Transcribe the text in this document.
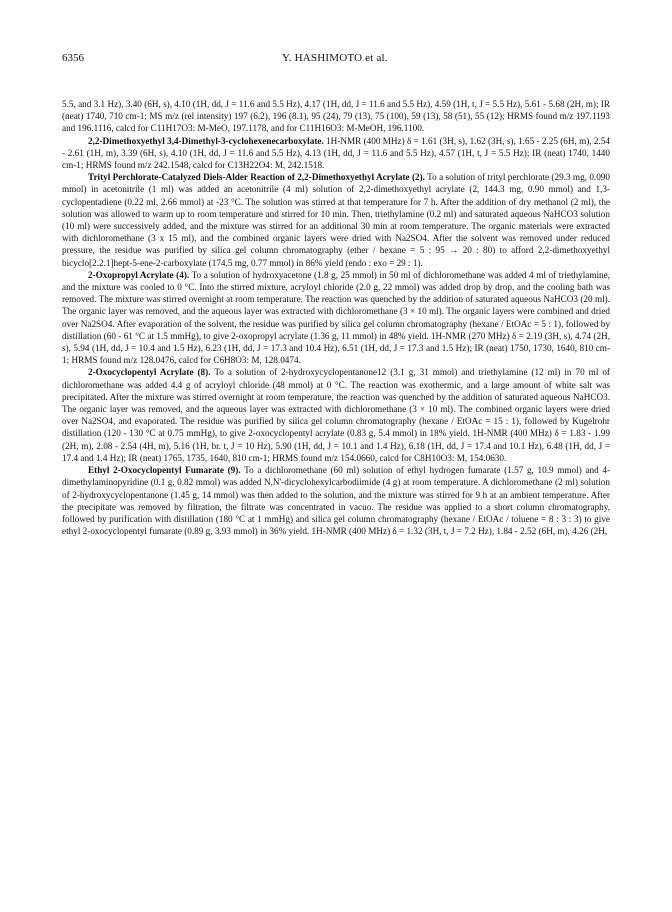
6356	Y. HASHIMOTO et al.

5.5, and 3.1 Hz), 3.40 (6H, s), 4.10 (1H, dd, J = 11.6 and 5.5 Hz), 4.17 (1H, dd, J = 11.6 and 5.5 Hz), 4.59 (1H, t, J = 5.5 Hz), 5.61 - 5.68 (2H, m); IR (neat) 1740, 710 cm-1; MS m/z (rel intensity) 197 (6.2), 196 (8.1), 95 (24), 79 (13), 75 (100), 59 (13), 58 (51), 55 (12); HRMS found m/z 197.1193 and 196.1116, calcd for C11H17O3: M-MeO, 197.1178, and for C11H16O3: M-MeOH, 196.1100.

2,2-Dimethoxyethyl 3,4-Dimethyl-3-cyclohexenecarboxylate. 1H-NMR (400 MHz) δ = 1.61 (3H, s), 1.62 (3H, s), 1.65 - 2.25 (6H, m), 2.54 - 2.61 (1H, m), 3.39 (6H, s), 4.10 (1H, dd, J = 11.6 and 5.5 Hz), 4.13 (1H, dd, J = 11.6 and 5.5 Hz), 4.57 (1H, t, J = 5.5 Hz); IR (neat) 1740, 1440 cm-1; HRMS found m/z 242.1548, calcd for C13H22O4: M, 242.1518.

Trityl Perchlorate-Catalyzed Diels-Alder Reaction of 2,2-Dimethoxyethyl Acrylate (2). To a solution of trityl perchlorate (29.3 mg, 0.090 mmol) in acetonitrile (1 ml) was added an acetonitrile (4 ml) solution of 2,2-dimethoxyethyl acrylate (2, 144.3 mg, 0.90 mmol) and 1,3-cyclopentadiene (0.22 ml, 2.66 mmol) at -23 °C. The solution was stirred at that temperature for 7 h. After the addition of dry methanol (2 ml), the solution was allowed to warm up to room temperature and stirred for 10 min. Then, triethylamine (0.2 ml) and saturated aqueous NaHCO3 solution (10 ml) were successively added, and the mixture was stirred for an additional 30 min at room temperature. The organic materials were extracted with dichloromethane (3 x 15 ml), and the combined organic layers were dried with Na2SO4. After the solvent was removed under reduced pressure, the residue was purified by silica gel column chromatography (ether / hexane = 5 : 95 → 20 : 80) to afford 2,2-dimethoxyethyl bicyclo[2.2.1]hept-5-ene-2-carboxylate (174.5 mg, 0.77 mmol) in 86% yield (endo : exo = 29 : 1).

2-Oxopropyl Acrylate (4). To a solution of hydroxyacetone (1.8 g, 25 mmol) in 50 ml of dichloromethane was added 4 ml of triethylamine, and the mixture was cooled to 0 °C. Into the stirred mixture, acryloyl chloride (2.0 g, 22 mmol) was added drop by drop, and the cooling bath was removed. The mixture was stirred overnight at room temperature. The reaction was quenched by the addition of saturated aqueous NaHCO3 (20 ml). The organic layer was removed, and the aqueous layer was extracted with dichloromethane (3 × 10 ml). The organic layers were combined and dried over Na2SO4. After evaporation of the solvent, the residue was purified by silica gel column chromatography (hexane / EtOAc = 5 : 1), followed by distillation (60 - 61 °C at 1.5 mmHg), to give 2-oxopropyl acrylate (1.36 g, 11 mmol) in 48% yield. 1H-NMR (270 MHz) δ = 2.19 (3H, s), 4.74 (2H, s), 5.94 (1H, dd, J = 10.4 and 1.5 Hz), 6.23 (1H, dd, J = 17.3 and 10.4 Hz), 6.51 (1H, dd, J = 17.3 and 1.5 Hz); IR (neat) 1750, 1730, 1640, 810 cm-1; HRMS found m/z 128.0476, calcd for C6H8O3: M, 128.0474.

2-Oxocyclopentyl Acrylate (8). To a solution of 2-hydroxycyclopentanone12 (3.1 g, 31 mmol) and triethylamine (12 ml) in 70 ml of dichloromethane was added 4.4 g of acryloyl chloride (48 mmol) at 0 °C. The reaction was exothermic, and a large amount of white salt was precipitated. After the mixture was stirred overnight at room temperature, the reaction was quenched by the addition of saturated aqueous NaHCO3. The organic layer was removed, and the aqueous layer was extracted with dichloromethane (3 × 10 ml). The combined organic layers were dried over Na2SO4, and evaporated. The residue was purified by silica gel column chromatography (hexane / EtOAc = 15 : 1), followed by Kugelrohr distillation (120 - 130 °C at 0.75 mmHg), to give 2-oxocyclopentyl acrylate (0.83 g, 5.4 mmol) in 18% yield. 1H-NMR (400 MHz) δ = 1.83 - 1.99 (2H, m), 2.08 - 2.54 (4H, m), 5.16 (1H, br. t, J = 10 Hz), 5.90 (1H, dd, J = 10.1 and 1.4 Hz), 6.18 (1H, dd, J = 17.4 and 10.1 Hz), 6.48 (1H, dd, J = 17.4 and 1.4 Hz); IR (neat) 1765, 1735, 1640, 810 cm-1; HRMS found m/z 154.0660, calcd for C8H10O3: M, 154.0630.

Ethyl 2-Oxocyclopentyl Fumarate (9). To a dichloromethane (60 ml) solution of ethyl hydrogen fumarate (1.57 g, 10.9 mmol) and 4-dimethylaminopyridine (0.1 g, 0.82 mmol) was added N,N'-dicyclohexylcarbodiimide (4 g) at room temperature. A dichloromethane (2 ml) solution of 2-hydroxycyclopentanone (1.45 g, 14 mmol) was then added to the solution, and the mixture was stirred for 9 h at an ambient temperature. After the precipitate was removed by filtration, the filtrate was concentrated in vacuo. The residue was applied to a short column chromatography, followed by purification with distillation (180 °C at 1 mmHg) and silica gel column chromatography (hexane / EtOAc / toluene = 8 : 3 : 3) to give ethyl 2-oxocyclopentyl fumarate (0.89 g, 3.93 mmol) in 36% yield. 1H-NMR (400 MHz) δ = 1.32 (3H, t, J = 7.2 Hz), 1.84 - 2.52 (6H, m), 4.26 (2H,
